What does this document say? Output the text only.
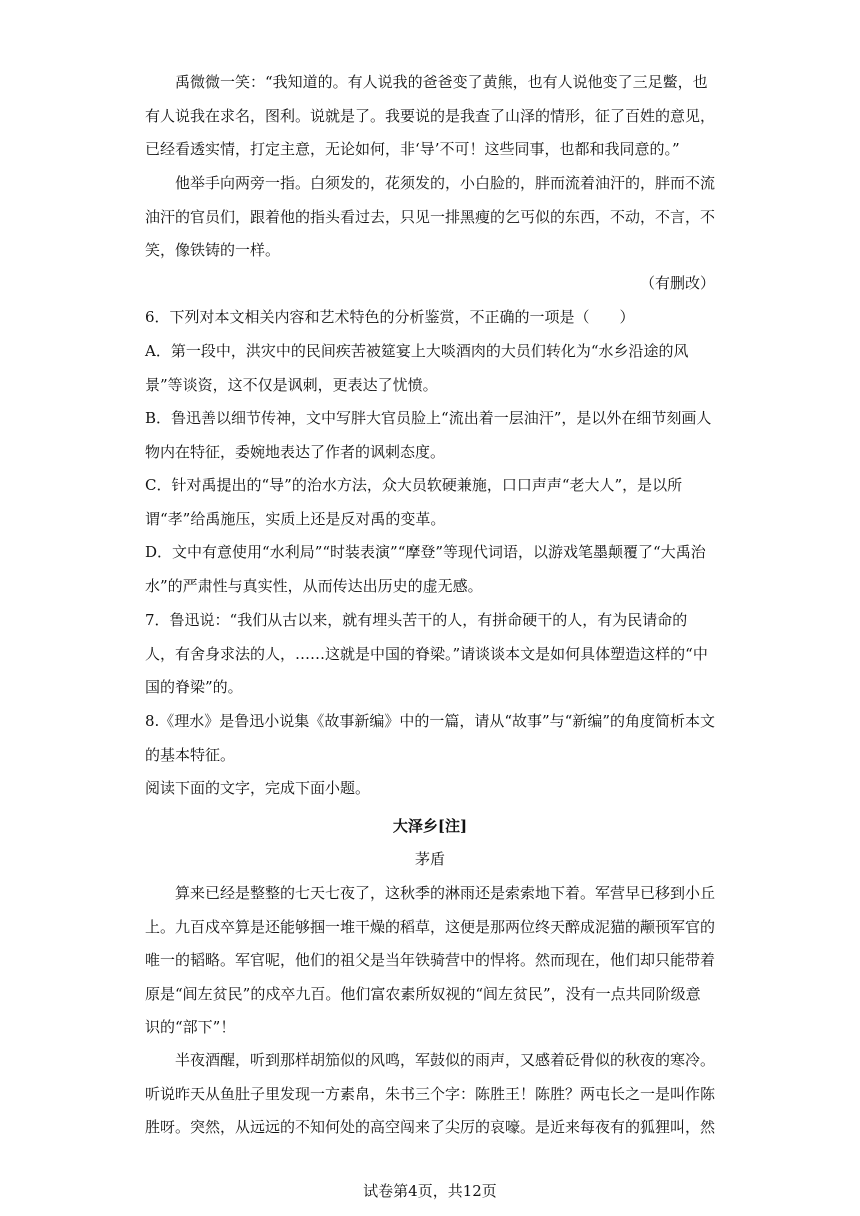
禹微微一笑：“我知道的。有人说我的爸爸变了黄熊，也有人说他变了三足鳖，也有人说我在求名，图利。说就是了。我要说的是我查了山泽的情形，征了百姓的意见，已经看透实情，打定主意，无论如何，非‘导’不可！这些同事，也都和我同意的。”

他举手向两旁一指。白须发的，花须发的，小白脸的，胖而流着油汗的，胖而不流油汗的官员们，跟着他的指头看过去，只见一排黑瘦的乞丐似的东西，不动，不言，不笑，像铁铸的一样。

（有删改）

6．下列对本文相关内容和艺术特色的分析鉴赏，不正确的一项是（　　）

A．第一段中，洪灾中的民间疾苦被筵宴上大啖酒肉的大员们转化为“水乡沿途的风景”等谈资，这不仅是讽刺，更表达了忧愤。

B．鲁迅善以细节传神，文中写胖大官员脸上“流出着一层油汗”，是以外在细节刻画人物内在特征，委婉地表达了作者的讽刺态度。

C．针对禹提出的“导”的治水方法，众大员软硬兼施，口口声声“老大人”，是以所谓“孝”给禹施压，实质上还是反对禹的变革。

D．文中有意使用“水利局”“时装表演”“摩登”等现代词语，以游戏笔墨颠覆了“大禹治水”的严肃性与真实性，从而传达出历史的虚无感。

7．鲁迅说：“我们从古以来，就有埋头苦干的人，有拼命硬干的人，有为民请命的人，有舍身求法的人，……这就是中国的脊梁。”请谈谈本文是如何具体塑造这样的“中国的脊梁”的。

8.《理水》是鲁迅小说集《故事新编》中的一篇，请从“故事”与“新编”的角度简析本文的基本特征。

阅读下面的文字，完成下面小题。

大泽乡[注]

茅盾

算来已经是整整的七天七夜了，这秋季的淋雨还是索索地下着。军营早已移到小丘上。九百戍卒算是还能够掴一堆干燥的稻草，这便是那两位终天醉成泥猫的颟顸军官的唯一的韬略。军官呢，他们的祖父是当年铁骑营中的悍将。然而现在，他们却只能带着原是“闾左贫民”的戍卒九百。他们富农素所奴视的“闾左贫民”，没有一点共同阶级意识的“部下”！

半夜酒醒，听到那样胡笳似的风鸣，军鼓似的雨声，又感着砭骨似的秋夜的寒冷。听说昨天从鱼肚子里发现一方素帛，朱书三个字：陈胜王！陈胜？两屯长之一是叫作陈胜呀。突然，从远远的不知何处的高空闯来了尖厉的哀嚎。是近来每夜有的狐狸叫，然

试卷第4页，共12页
